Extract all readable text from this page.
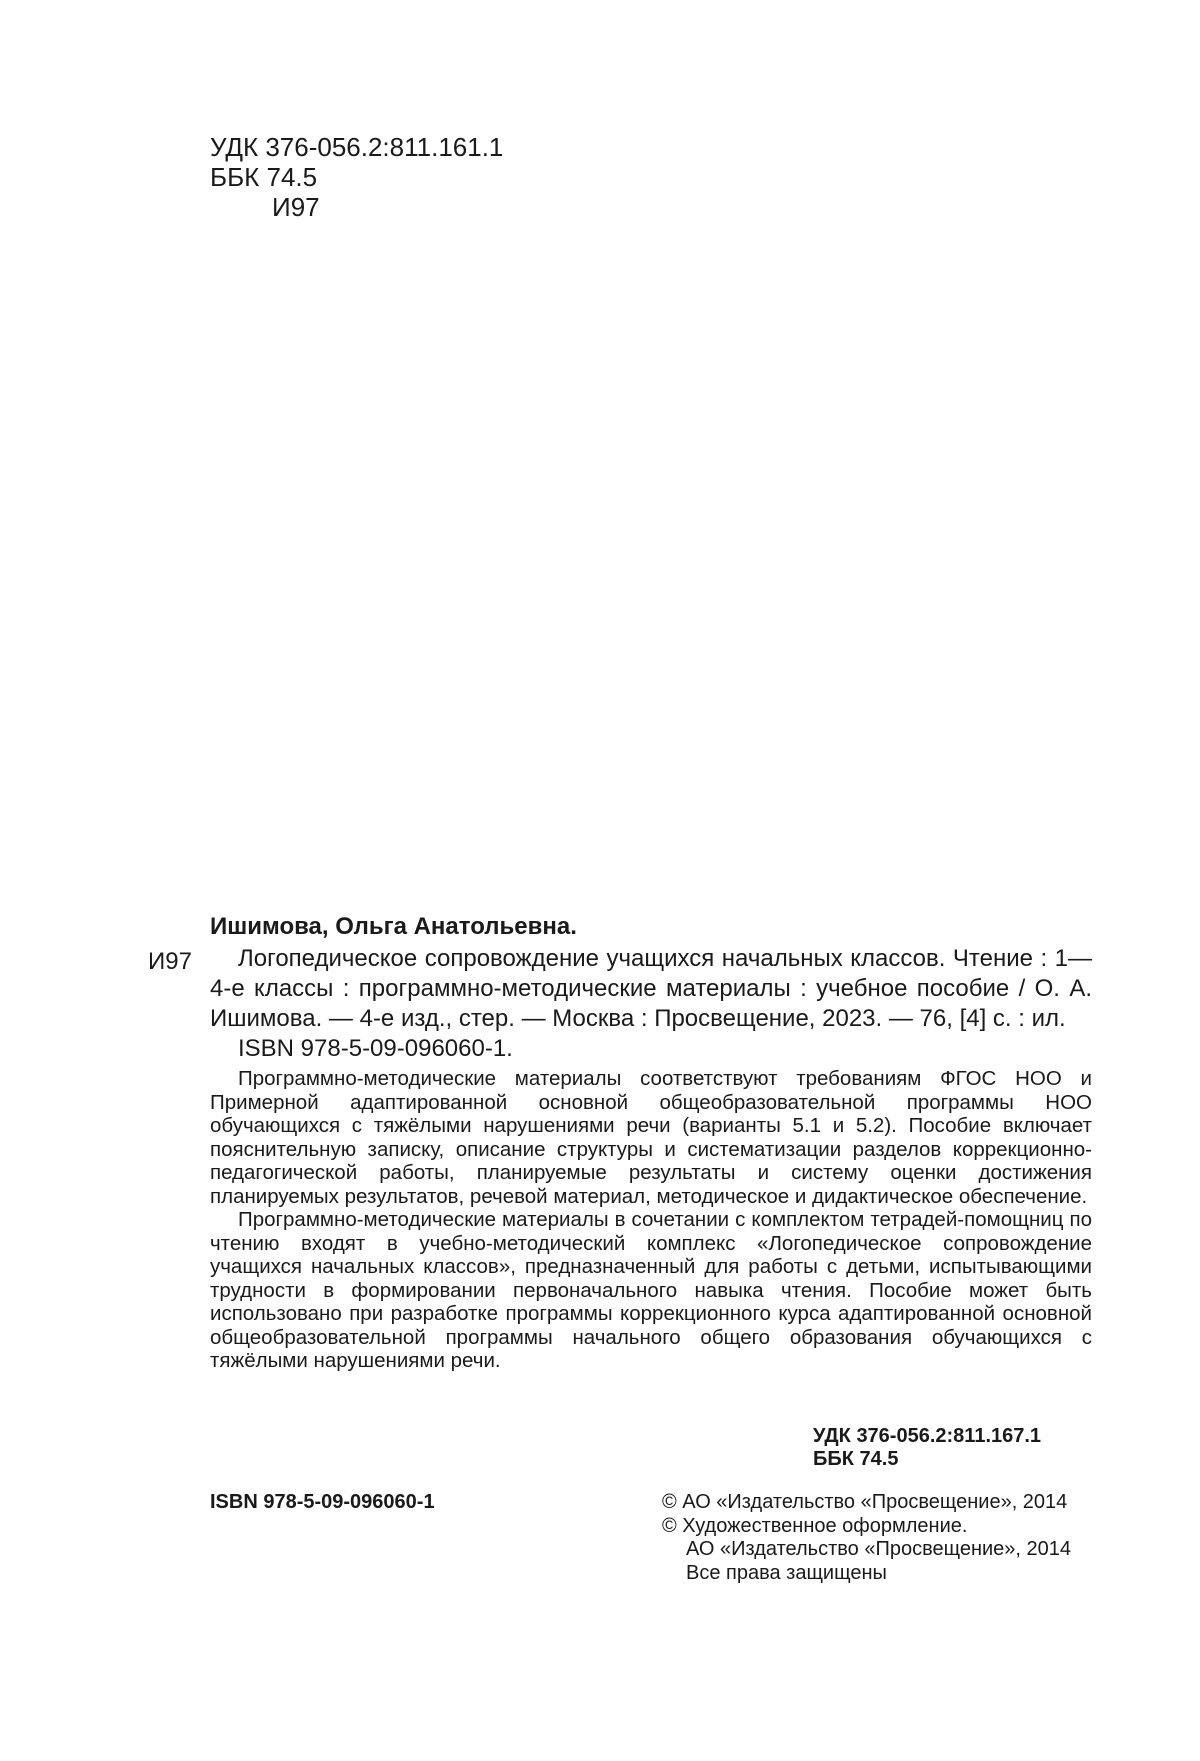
УДК 376-056.2:811.161.1
ББК 74.5
И97
И97
Ишимова, Ольга Анатольевна.

Логопедическое сопровождение учащихся начальных классов. Чтение : 1—4-е классы : программно-методические материалы : учебное пособие / О. А. Ишимова. — 4-е изд., стер. — Москва : Просвещение, 2023. — 76, [4] с. : ил.

ISBN 978-5-09-096060-1.

Программно-методические материалы соответствуют требованиям ФГОС НОО и Примерной адаптированной основной общеобразовательной программы НОО обучающихся с тяжёлыми нарушениями речи (варианты 5.1 и 5.2). Пособие включает пояснительную записку, описание структуры и систематизации разделов коррекционно-педагогической работы, планируемые результаты и систему оценки достижения планируемых результатов, речевой материал, методическое и дидактическое обеспечение.

Программно-методические материалы в сочетании с комплектом тетрадей-помощниц по чтению входят в учебно-методический комплекс «Логопедическое сопровождение учащихся начальных классов», предназначенный для работы с детьми, испытывающими трудности в формировании первоначального навыка чтения. Пособие может быть использовано при разработке программы коррекционного курса адаптированной основной общеобразовательной программы начального общего образования обучающихся с тяжёлыми нарушениями речи.

УДК 376-056.2:811.167.1
ББК 74.5
ISBN 978-5-09-096060-1	© АО «Издательство «Просвещение», 2014
© Художественное оформление.
АО «Издательство «Просвещение», 2014
Все права защищены
